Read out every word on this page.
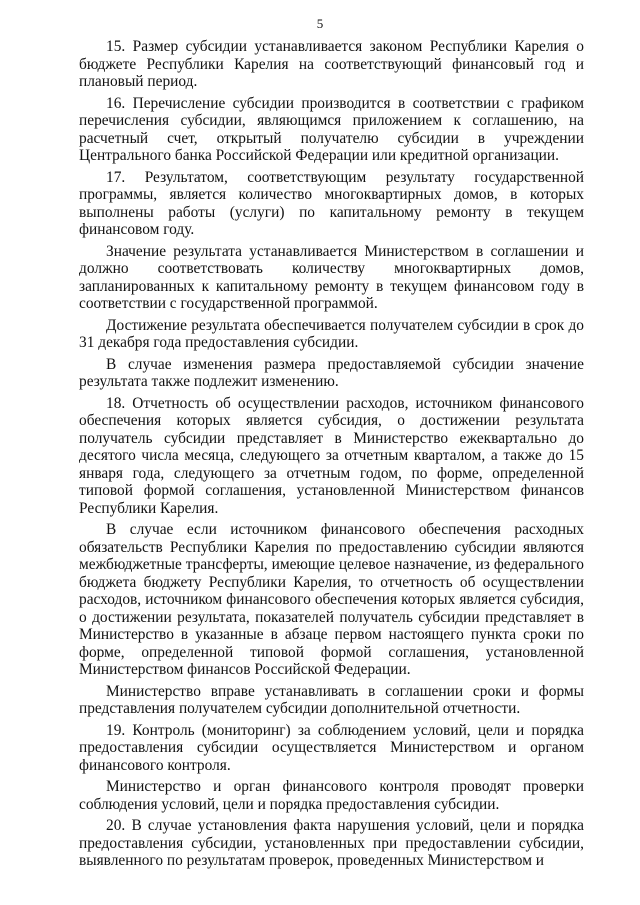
5

15. Размер субсидии устанавливается законом Республики Карелия о бюджете Республики Карелия на соответствующий финансовый год и плановый период.

16. Перечисление субсидии производится в соответствии с графиком перечисления субсидии, являющимся приложением к соглашению, на расчетный счет, открытый получателю субсидии в учреждении Центрального банка Российской Федерации или кредитной организации.

17. Результатом, соответствующим результату государственной программы, является количество многоквартирных домов, в которых выполнены работы (услуги) по капитальному ремонту в текущем финансовом году.

Значение результата устанавливается Министерством в соглашении и должно соответствовать количеству многоквартирных домов, запланированных к капитальному ремонту в текущем финансовом году в соответствии с государственной программой.

Достижение результата обеспечивается получателем субсидии в срок до 31 декабря года предоставления субсидии.

В случае изменения размера предоставляемой субсидии значение результата также подлежит изменению.

18. Отчетность об осуществлении расходов, источником финансового обеспечения которых является субсидия, о достижении результата получатель субсидии представляет в Министерство ежеквартально до десятого числа месяца, следующего за отчетным кварталом, а также до 15 января года, следующего за отчетным годом, по форме, определенной типовой формой соглашения, установленной Министерством финансов Республики Карелия.

В случае если источником финансового обеспечения расходных обязательств Республики Карелия по предоставлению субсидии являются межбюджетные трансферты, имеющие целевое назначение, из федерального бюджета бюджету Республики Карелия, то отчетность об осуществлении расходов, источником финансового обеспечения которых является субсидия, о достижении результата, показателей получатель субсидии представляет в Министерство в указанные в абзаце первом настоящего пункта сроки по форме, определенной типовой формой соглашения, установленной Министерством финансов Российской Федерации.

Министерство вправе устанавливать в соглашении сроки и формы представления получателем субсидии дополнительной отчетности.

19. Контроль (мониторинг) за соблюдением условий, цели и порядка предоставления субсидии осуществляется Министерством и органом финансового контроля.

Министерство и орган финансового контроля проводят проверки соблюдения условий, цели и порядка предоставления субсидии.

20. В случае установления факта нарушения условий, цели и порядка предоставления субсидии, установленных при предоставлении субсидии, выявленного по результатам проверок, проведенных Министерством и
